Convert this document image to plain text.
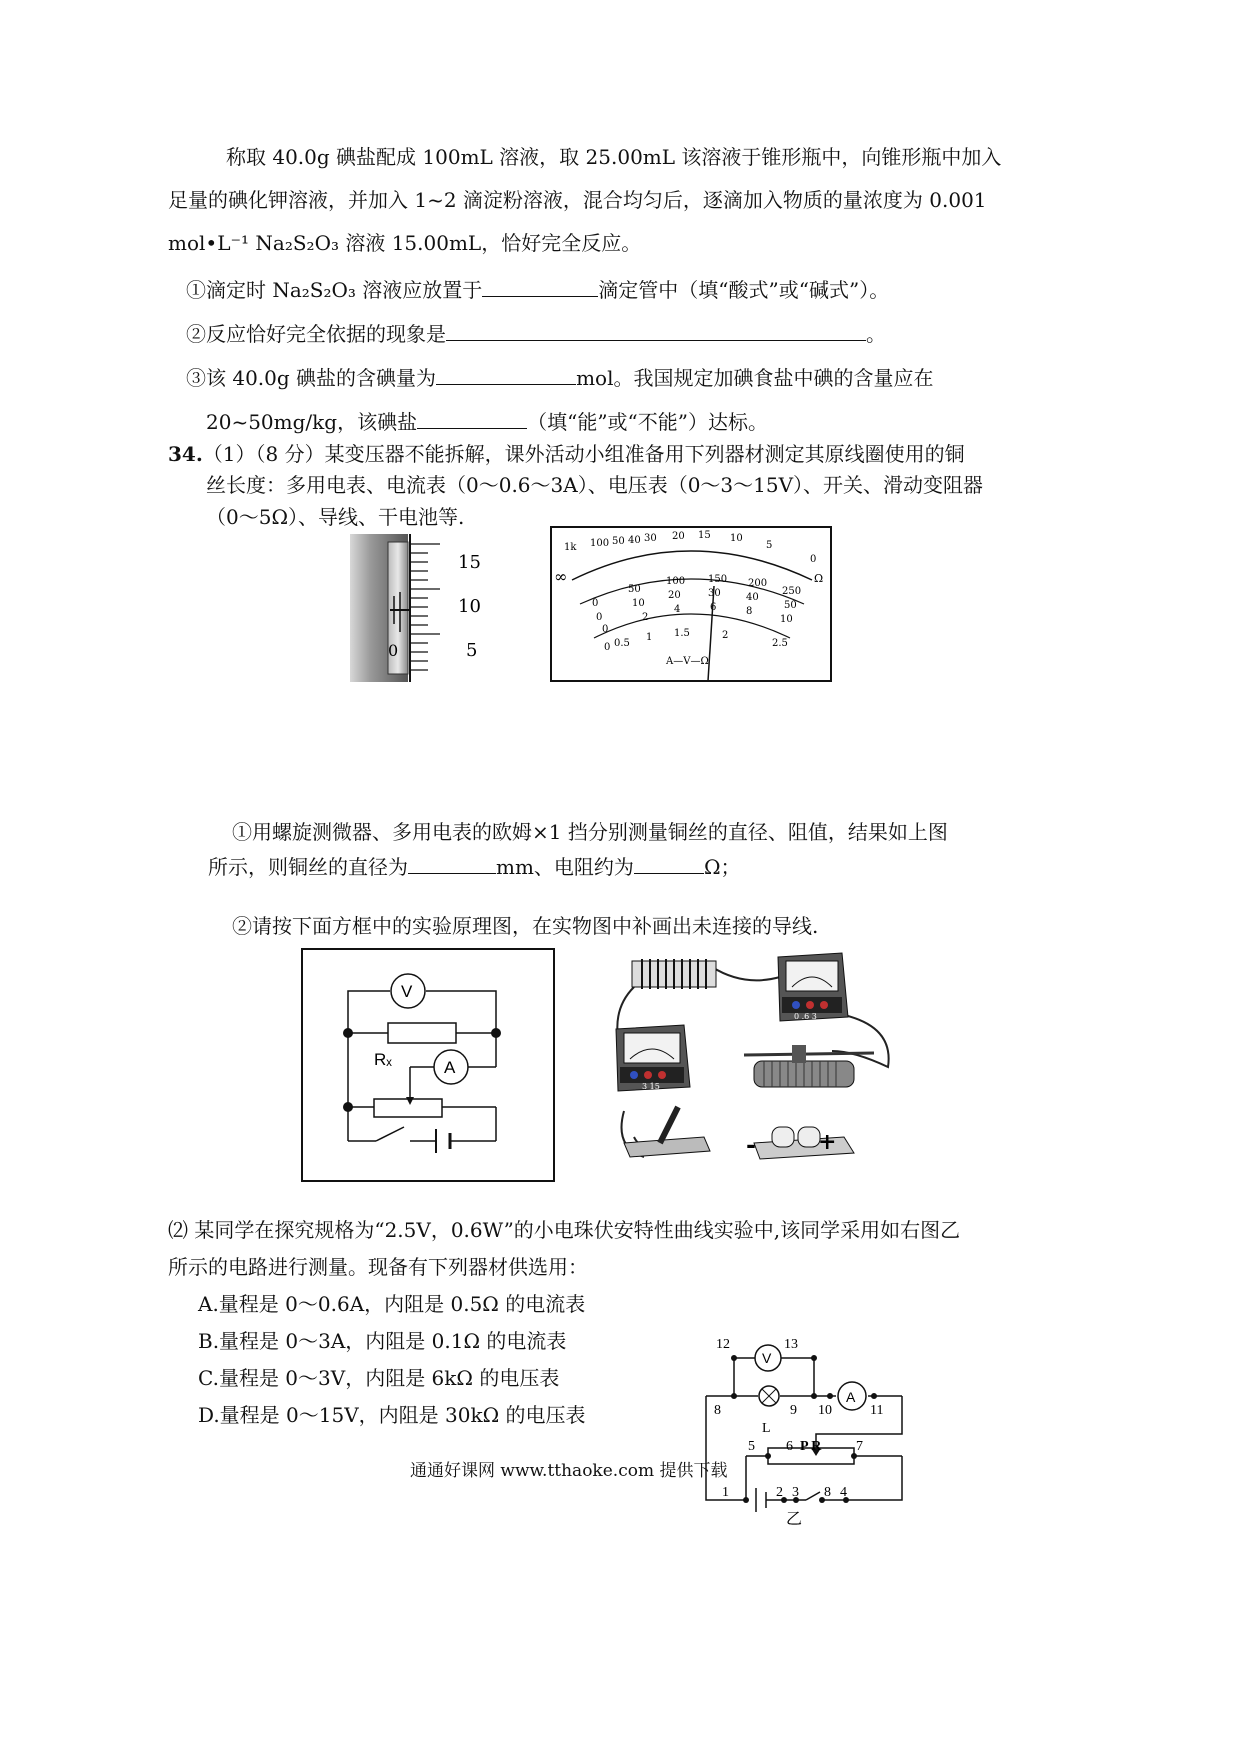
称取 40.0g 碘盐配成 100mL 溶液，取 25.00mL 该溶液于锥形瓶中，向锥形瓶中加入
足量的碘化钾溶液，并加入 1~2 滴淀粉溶液，混合均匀后，逐滴加入物质的量浓度为 0.001
mol•L⁻¹ Na₂S₂O₃ 溶液 15.00mL，恰好完全反应。
①滴定时 Na₂S₂O₃ 溶液应放置于	滴定管中（填“酸式”或“碱式”）。
②反应恰好完全依据的现象是	。
③该 40.0g 碘盐的含碘量为	mol。我国规定加碘食盐中碘的含量应在
20~50mg/kg，该碘盐	（填“能”或“不能”）达标。
34.（1）（8 分）某变压器不能拆解，课外活动小组准备用下列器材测定其原线圈使用的铜
丝长度：多用电表、电流表（0～0.6～3A）、电压表（0～3～15V）、开关、滑动变阻器
（0～5Ω）、导线、干电池等.
15
10
5
0
1k 100 50 40 30 20 15 10
5
0
∞	Ω
0
50
100 150 200
250
0
10
20	30	40
50
0
2
4	6	8
10
0 0.5
1 1.5	2
2.5
A—V—Ω
①用螺旋测微器、多用电表的欧姆×1 挡分别测量铜丝的直径、阻值，结果如上图
所示，则铜丝的直径为	mm、电阻约为	Ω；
②请按下面方框中的实验原理图，在实物图中补画出未连接的导线.
V
A
Rₓ
0 .6 3
3 15
-	+
⑵ 某同学在探究规格为“2.5V，0.6W”的小电珠伏安特性曲线实验中,该同学采用如右图乙
所示的电路进行测量。现备有下列器材供选用：
A.量程是 0～0.6A，内阻是 0.5Ω 的电流表
B.量程是 0～3A，内阻是 0.1Ω 的电流表
C.量程是 0～3V，内阻是 6kΩ 的电压表
D.量程是 0～15V，内阻是 30kΩ 的电压表
V
A
12	13
8	9 10	11
5 6	7
1	2 3 8 4
L
P R
乙
通通好课网 www.tthaoke.com 提供下载
